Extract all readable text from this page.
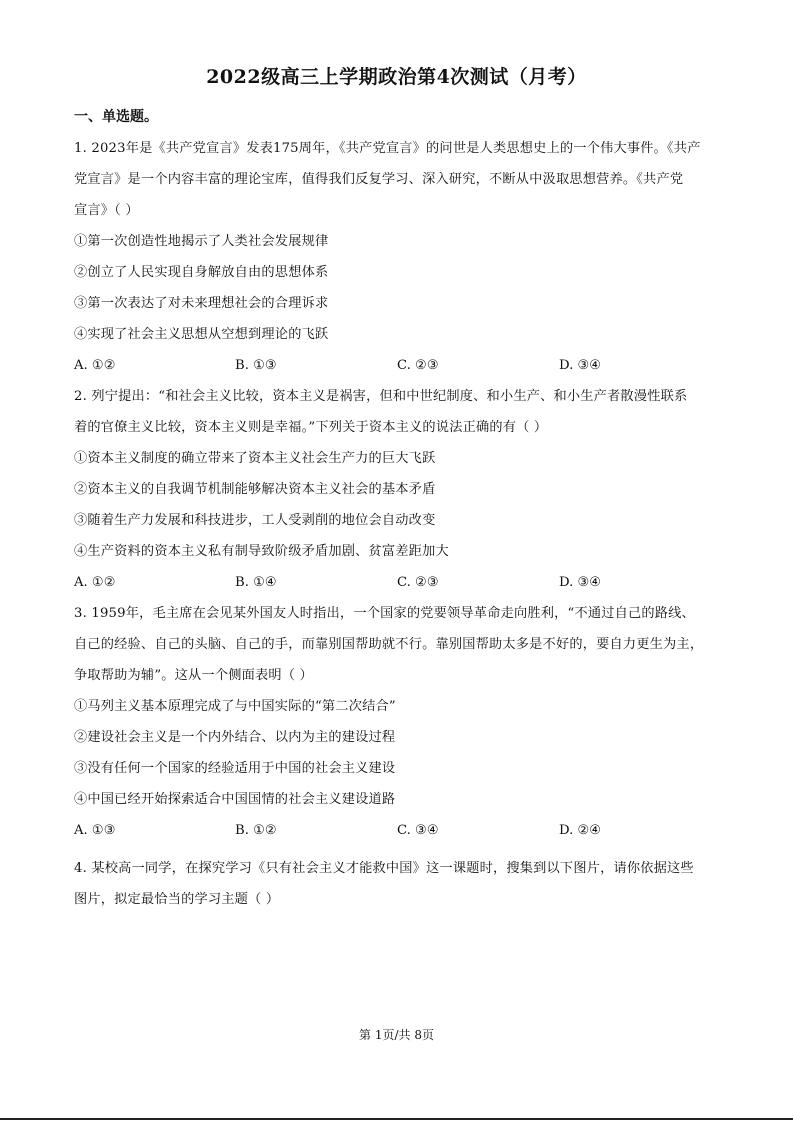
2022级高三上学期政治第4次测试（月考）
一、单选题。
1. 2023年是《共产党宣言》发表175周年，《共产党宣言》的问世是人类思想史上的一个伟大事件。《共产
党宣言》是一个内容丰富的理论宝库，值得我们反复学习、深入研究，不断从中汲取思想营养。《共产党
宣言》（ ）
①第一次创造性地揭示了人类社会发展规律
②创立了人民实现自身解放自由的思想体系
③第一次表达了对未来理想社会的合理诉求
④实现了社会主义思想从空想到理论的飞跃
A. ①②	B. ①③	C. ②③	D. ③④
2. 列宁提出：“和社会主义比较，资本主义是祸害，但和中世纪制度、和小生产、和小生产者散漫性联系
着的官僚主义比较，资本主义则是幸福。”下列关于资本主义的说法正确的有（ ）
①资本主义制度的确立带来了资本主义社会生产力的巨大飞跃
②资本主义的自我调节机制能够解决资本主义社会的基本矛盾
③随着生产力发展和科技进步，工人受剥削的地位会自动改变
④生产资料的资本主义私有制导致阶级矛盾加剧、贫富差距加大
A. ①②	B. ①④	C. ②③	D. ③④
3. 1959年，毛主席在会见某外国友人时指出，一个国家的党要领导革命走向胜利，“不通过自己的路线、
自己的经验、自己的头脑、自己的手，而靠别国帮助就不行。靠别国帮助太多是不好的，要自力更生为主，
争取帮助为辅”。这从一个侧面表明（ ）
①马列主义基本原理完成了与中国实际的“第二次结合”
②建设社会主义是一个内外结合、以内为主的建设过程
③没有任何一个国家的经验适用于中国的社会主义建设
④中国已经开始探索适合中国国情的社会主义建设道路
A. ①③	B. ①②	C. ③④	D. ②④
4. 某校高一同学，在探究学习《只有社会主义才能救中国》这一课题时，搜集到以下图片，请你依据这些
图片，拟定最恰当的学习主题（ ）
第 1页/共 8页
